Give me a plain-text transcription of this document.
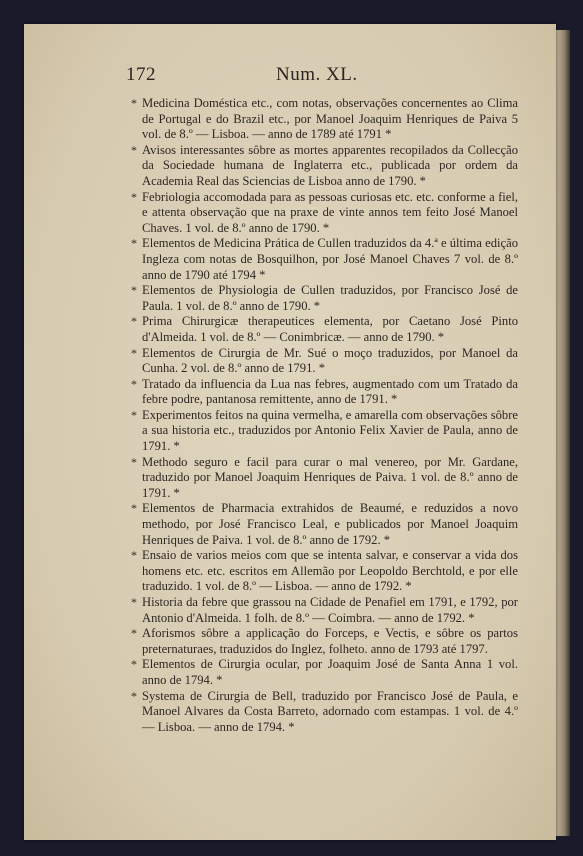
172	Num. XL.
* Medicina Doméstica etc., com notas, observações concernentes ao Clima de Portugal e do Brazil etc., por Manoel Joaquim Henriques de Paiva 5 vol. de 8.º — Lisboa. — anno de 1789 até 1791 *
* Avisos interessantes sôbre as mortes apparentes recopilados da Collecção da Sociedade humana de Inglaterra etc., publicada por ordem da Academia Real das Sciencias de Lisboa anno de 1790. *
* Febriologia accomodada para as pessoas curiosas etc. etc. conforme a fiel, e attenta observação que na praxe de vinte annos tem feito José Manoel Chaves. 1 vol. de 8.º anno de 1790. *
* Elementos de Medicina Prática de Cullen traduzidos da 4.ª e última edição Ingleza com notas de Bosquilhon, por José Manoel Chaves 7 vol. de 8.º anno de 1790 até 1794 *
* Elementos de Physiologia de Cullen traduzidos, por Francisco José de Paula. 1 vol. de 8.º anno de 1790. *
* Prima Chirurgicæ therapeutices elementa, por Caetano José Pinto d'Almeida. 1 vol. de 8.º — Conimbricæ. — anno de 1790. *
* Elementos de Cirurgia de Mr. Sué o moço traduzidos, por Manoel da Cunha. 2 vol. de 8.º anno de 1791. *
* Tratado da influencia da Lua nas febres, augmentado com um Tratado da febre podre, pantanosa remittente, anno de 1791. *
* Experimentos feitos na quina vermelha, e amarella com observações sôbre a sua historia etc., traduzidos por Antonio Felix Xavier de Paula, anno de 1791. *
* Methodo seguro e facil para curar o mal venereo, por Mr. Gardane, traduzido por Manoel Joaquim Henriques de Paiva. 1 vol. de 8.º anno de 1791. *
* Elementos de Pharmacia extrahidos de Beaumé, e reduzidos a novo methodo, por José Francisco Leal, e publicados por Manoel Joaquim Henriques de Paiva. 1 vol. de 8.º anno de 1792. *
* Ensaio de varios meios com que se intenta salvar, e conservar a vida dos homens etc. etc. escritos em Allemão por Leopoldo Berchtold, e por elle traduzido. 1 vol. de 8.º — Lisboa. — anno de 1792. *
* Historia da febre que grassou na Cidade de Penafiel em 1791, e 1792, por Antonio d'Almeida. 1 folh. de 8.º — Coimbra. — anno de 1792. *
* Aforismos sôbre a applicação do Forceps, e Vectis, e sôbre os partos preternaturaes, traduzidos do Inglez, folheto. anno de 1793 até 1797.
* Elementos de Cirurgia ocular, por Joaquim José de Santa Anna 1 vol. anno de 1794. *
* Systema de Cirurgia de Bell, traduzido por Francisco José de Paula, e Manoel Alvares da Costa Barreto, adornado com estampas. 1 vol. de 4.º — Lisboa. — anno de 1794. *
